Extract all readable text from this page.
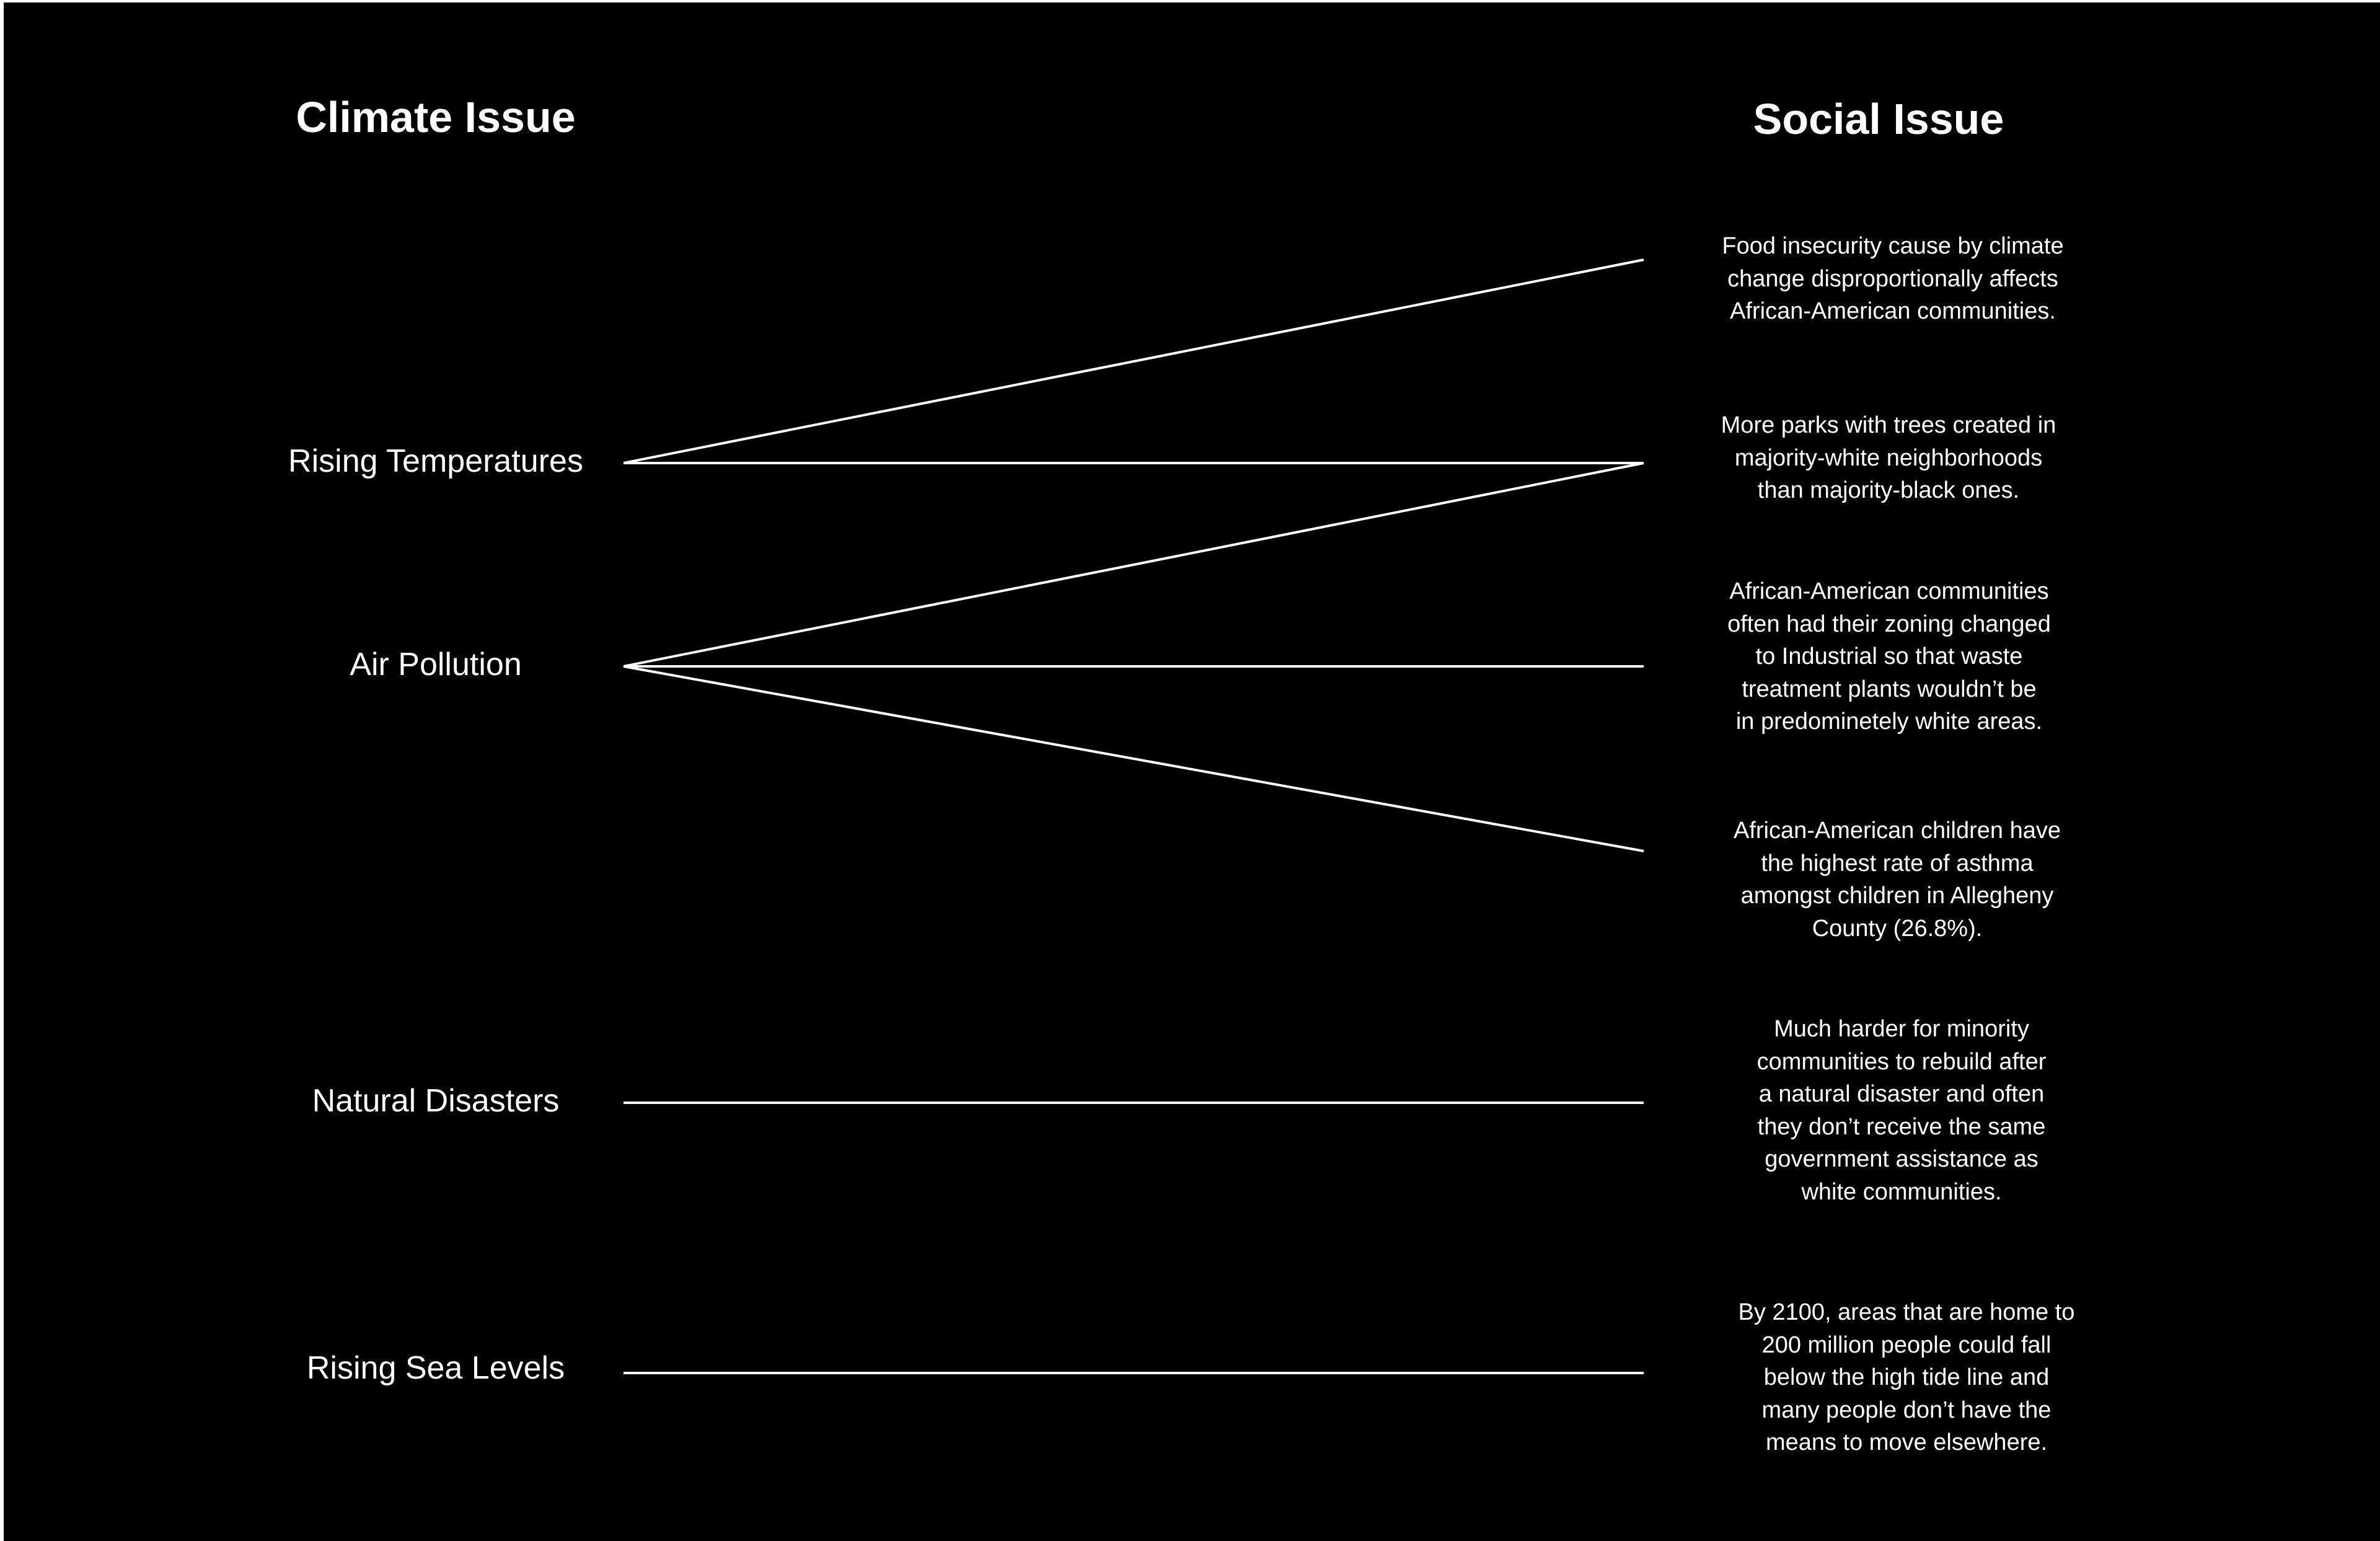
Climate Issue	Social Issue

Rising Temperatures

Air Pollution

Natural Disasters

Rising Sea Levels

Food insecurity cause by climate
change disproportionally affects
African-American communities.

More parks with trees created in
majority-white neighborhoods
than majority-black ones.

African-American communities
often had their zoning changed
to Industrial so that waste
treatment plants wouldn’t be
in predominetely white areas.

African-American children have
the highest rate of asthma
amongst children in Allegheny
County (26.8%).

Much harder for minority
communities to rebuild after
a natural disaster and often
they don’t receive the same
government assistance as
white communities.

By 2100, areas that are home to
200 million people could fall
below the high tide line and
many people don’t have the
means to move elsewhere.
